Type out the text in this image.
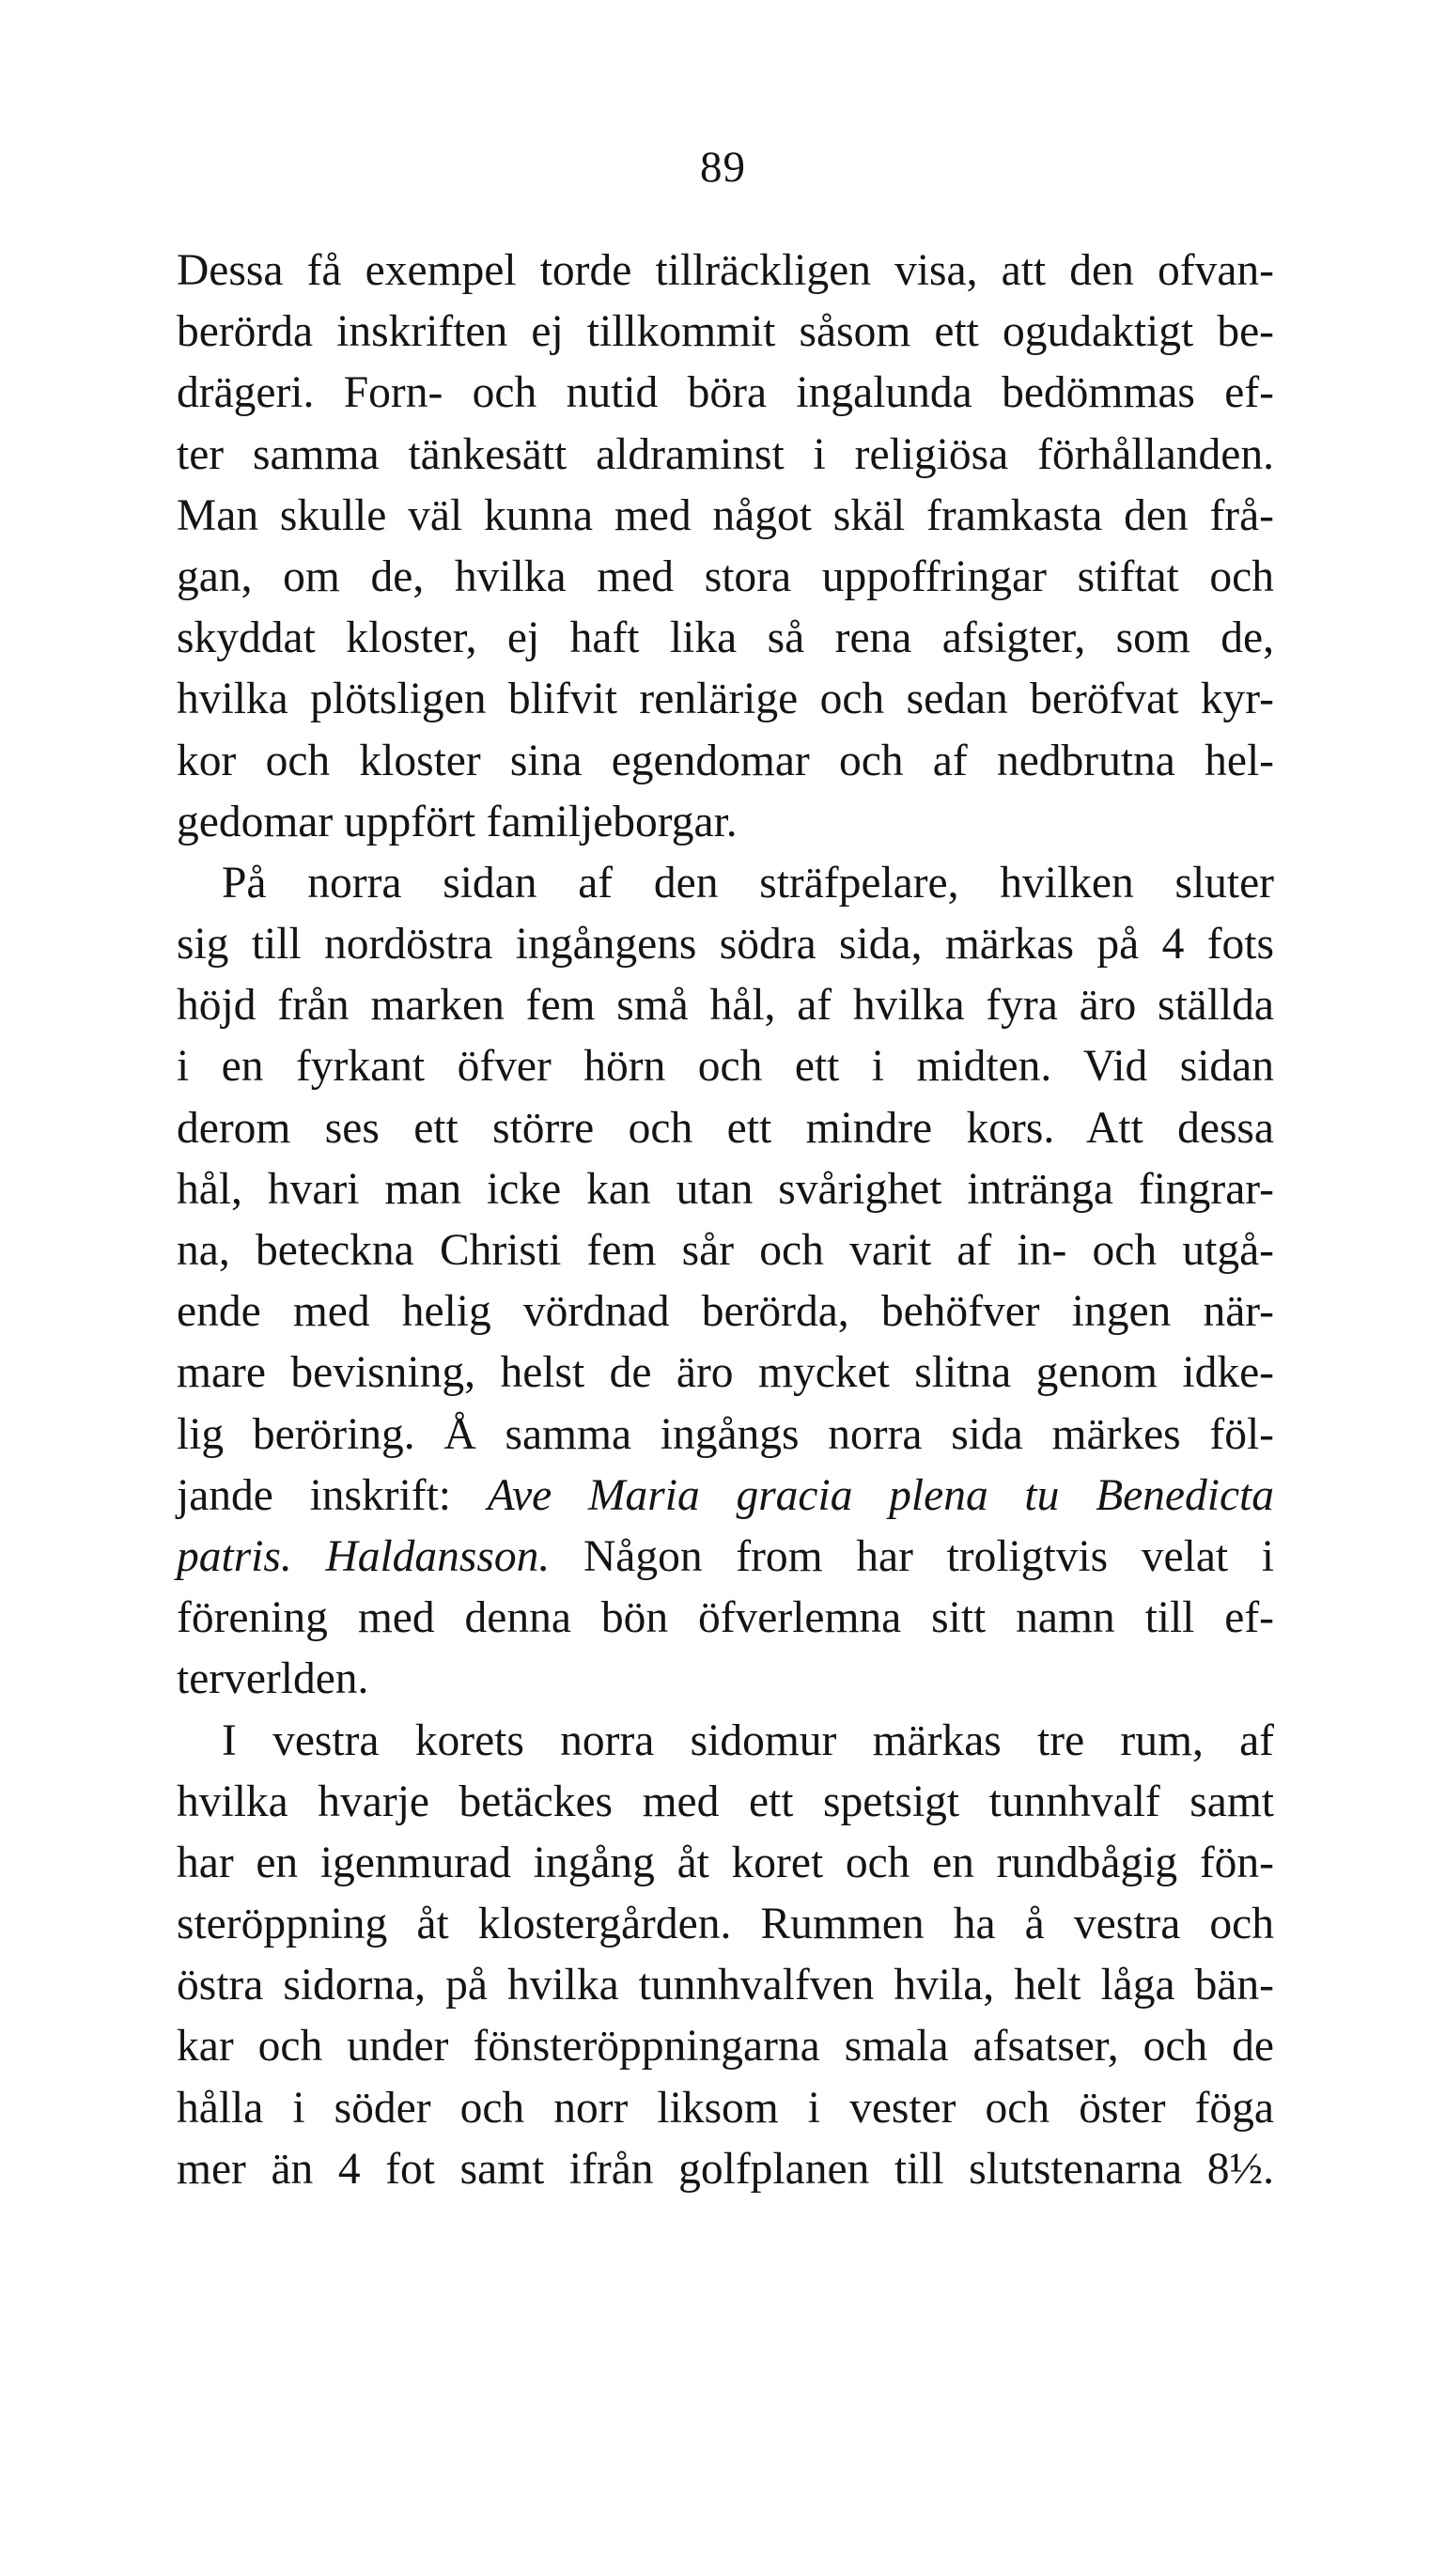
89
Dessa få exempel torde tillräckligen visa, att den ofvan-
berörda inskriften ej tillkommit såsom ett ogudaktigt be-
drägeri. Forn- och nutid böra ingalunda bedömmas ef-
ter samma tänkesätt aldraminst i religiösa förhållanden.
Man skulle väl kunna med något skäl framkasta den frå-
gan, om de, hvilka med stora uppoffringar stiftat och
skyddat kloster, ej haft lika så rena afsigter, som de,
hvilka plötsligen blifvit renlärige och sedan beröfvat kyr-
kor och kloster sina egendomar och af nedbrutna hel-
gedomar uppfört familjeborgar.
På norra sidan af den sträfpelare, hvilken sluter
sig till nordöstra ingångens södra sida, märkas på 4 fots
höjd från marken fem små hål, af hvilka fyra äro ställda
i en fyrkant öfver hörn och ett i midten. Vid sidan
derom ses ett större och ett mindre kors. Att dessa
hål, hvari man icke kan utan svårighet intränga fingrar-
na, beteckna Christi fem sår och varit af in- och utgå-
ende med helig vördnad berörda, behöfver ingen när-
mare bevisning, helst de äro mycket slitna genom idke-
lig beröring. Å samma ingångs norra sida märkes föl-
jande inskrift: Ave Maria gracia plena tu Benedicta
patris. Haldansson. Någon from har troligtvis velat i
förening med denna bön öfverlemna sitt namn till ef-
terverlden.
I vestra korets norra sidomur märkas tre rum, af
hvilka hvarje betäckes med ett spetsigt tunnhvalf samt
har en igenmurad ingång åt koret och en rundbågig fön-
steröppning åt klostergården. Rummen ha å vestra och
östra sidorna, på hvilka tunnhvalfven hvila, helt låga bän-
kar och under fönsteröppningarna smala afsatser, och de
hålla i söder och norr liksom i vester och öster föga
mer än 4 fot samt ifrån golfplanen till slutstenarna 8½.
